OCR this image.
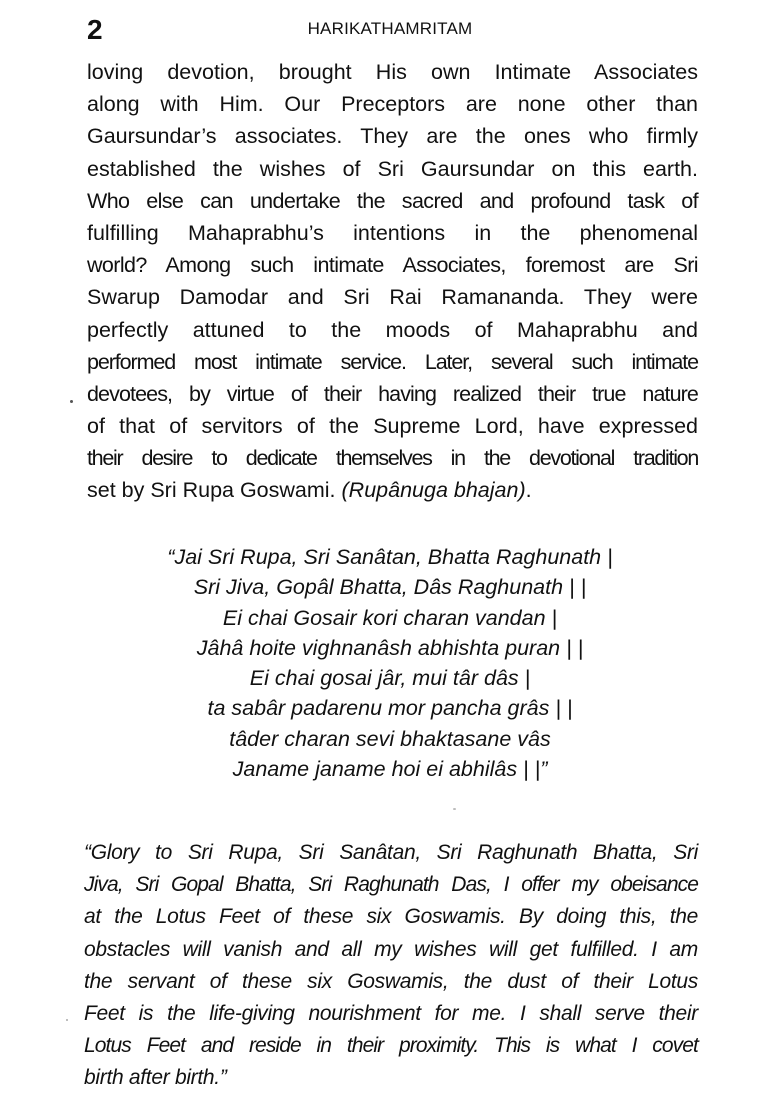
2	HARIKATHAMRITAM
loving devotion, brought His own Intimate Associates
along with Him. Our Preceptors are none other than
Gaursundar’s associates. They are the ones who firmly
established the wishes of Sri Gaursundar on this earth.
Who else can undertake the sacred and profound task of
fulfilling Mahaprabhu’s intentions in the phenomenal
world? Among such intimate Associates, foremost are Sri
Swarup Damodar and Sri Rai Ramananda. They were
perfectly attuned to the moods of Mahaprabhu and
performed most intimate service. Later, several such intimate
devotees, by virtue of their having realized their true nature
of that of servitors of the Supreme Lord, have expressed
their desire to dedicate themselves in the devotional tradition
set by Sri Rupa Goswami. (Rupânuga bhajan).
“Jai Sri Rupa, Sri Sanâtan, Bhatta Raghunath |
Sri Jiva, Gopâl Bhatta, Dâs Raghunath | |
Ei chai Gosair kori charan vandan |
Jâhâ hoite vighnanâsh abhishta puran | |
Ei chai gosai jâr, mui târ dâs |
ta sabâr padarenu mor pancha grâs | |
tâder charan sevi bhaktasane vâs
Janame janame hoi ei abhilâs | |”
“Glory to Sri Rupa, Sri Sanâtan, Sri Raghunath Bhatta, Sri
Jiva, Sri Gopal Bhatta, Sri Raghunath Das, I offer my obeisance
at the Lotus Feet of these six Goswamis. By doing this, the
obstacles will vanish and all my wishes will get fulfilled. I am
the servant of these six Goswamis, the dust of their Lotus
Feet is the life-giving nourishment for me. I shall serve their
Lotus Feet and reside in their proximity. This is what I covet
birth after birth.”
